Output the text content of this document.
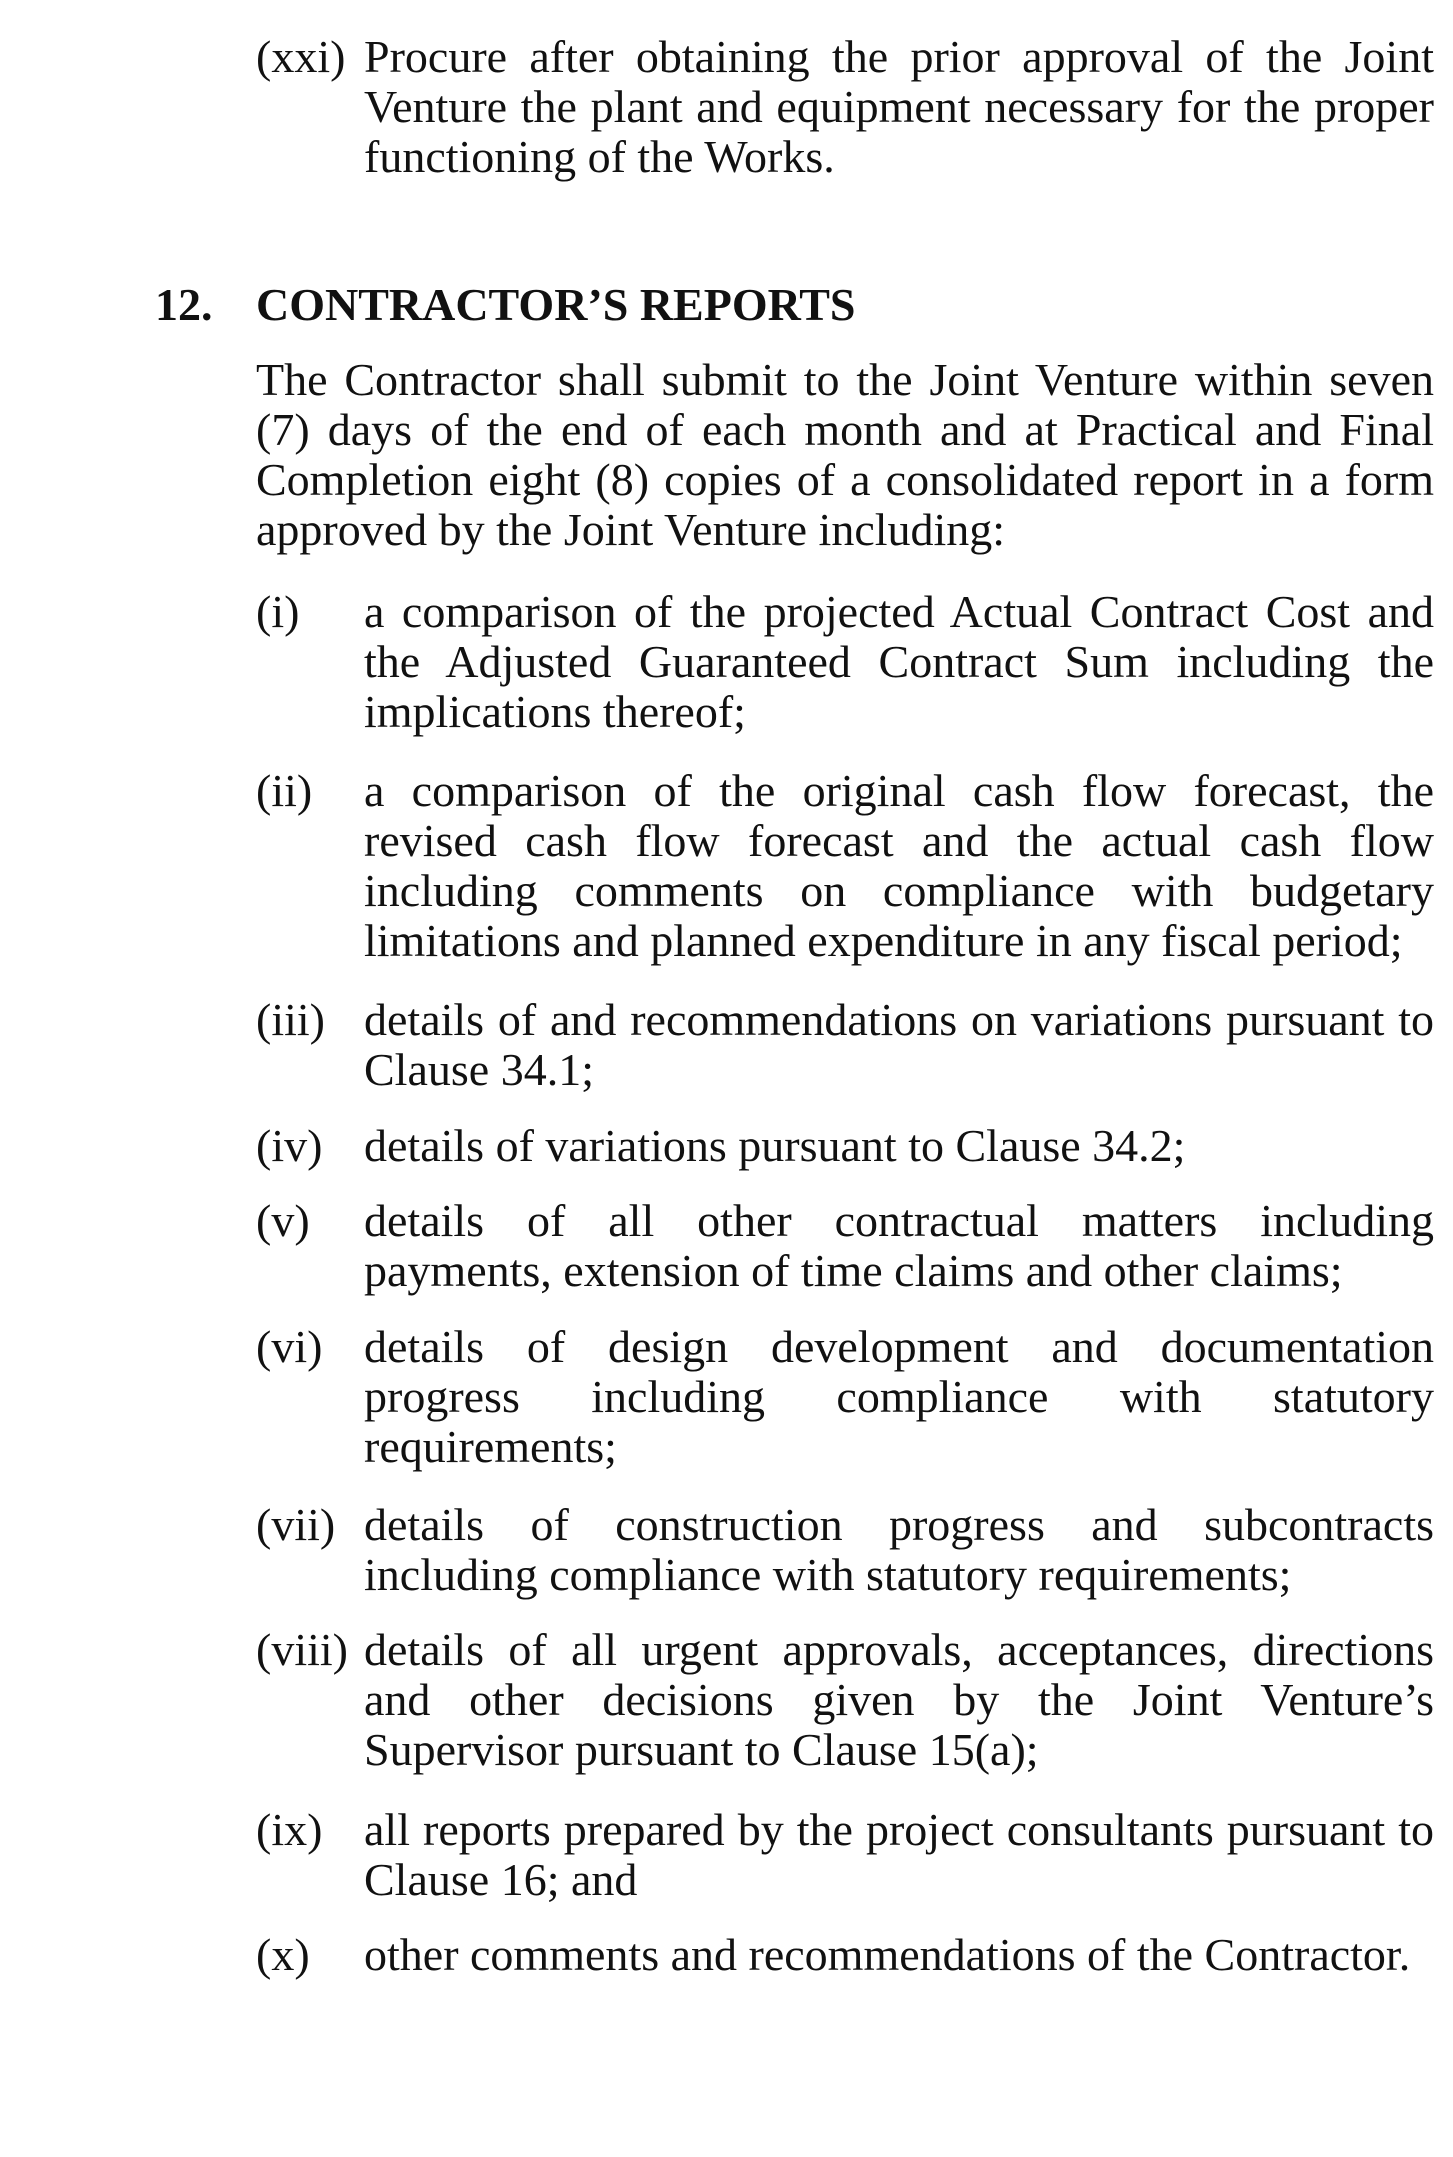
(xxi) Procure after obtaining the prior approval of the Joint Venture the plant and equipment necessary for the proper functioning of the Works.
12. CONTRACTOR’S REPORTS
The Contractor shall submit to the Joint Venture within seven (7) days of the end of each month and at Practical and Final Completion eight (8) copies of a consolidated report in a form approved by the Joint Venture including:
(i)	a comparison of the projected Actual Contract Cost and the Adjusted Guaranteed Contract Sum including the implications thereof;
(ii)	a comparison of the original cash flow forecast, the revised cash flow forecast and the actual cash flow including comments on compliance with budgetary limitations and planned expenditure in any fiscal period;
(iii) details of and recommendations on variations pursuant to Clause 34.1;
(iv) details of variations pursuant to Clause 34.2;
(v)	details of all other contractual matters including payments, extension of time claims and other claims;
(vi) details of design development and documentation progress including compliance with statutory requirements;
(vii) details of construction progress and subcontracts including compliance with statutory requirements;
(viii) details of all urgent approvals, acceptances, directions and other decisions given by the Joint Venture’s Supervisor pursuant to Clause 15(a);
(ix) all reports prepared by the project consultants pursuant to Clause 16; and
(x)	other comments and recommendations of the Contractor.
